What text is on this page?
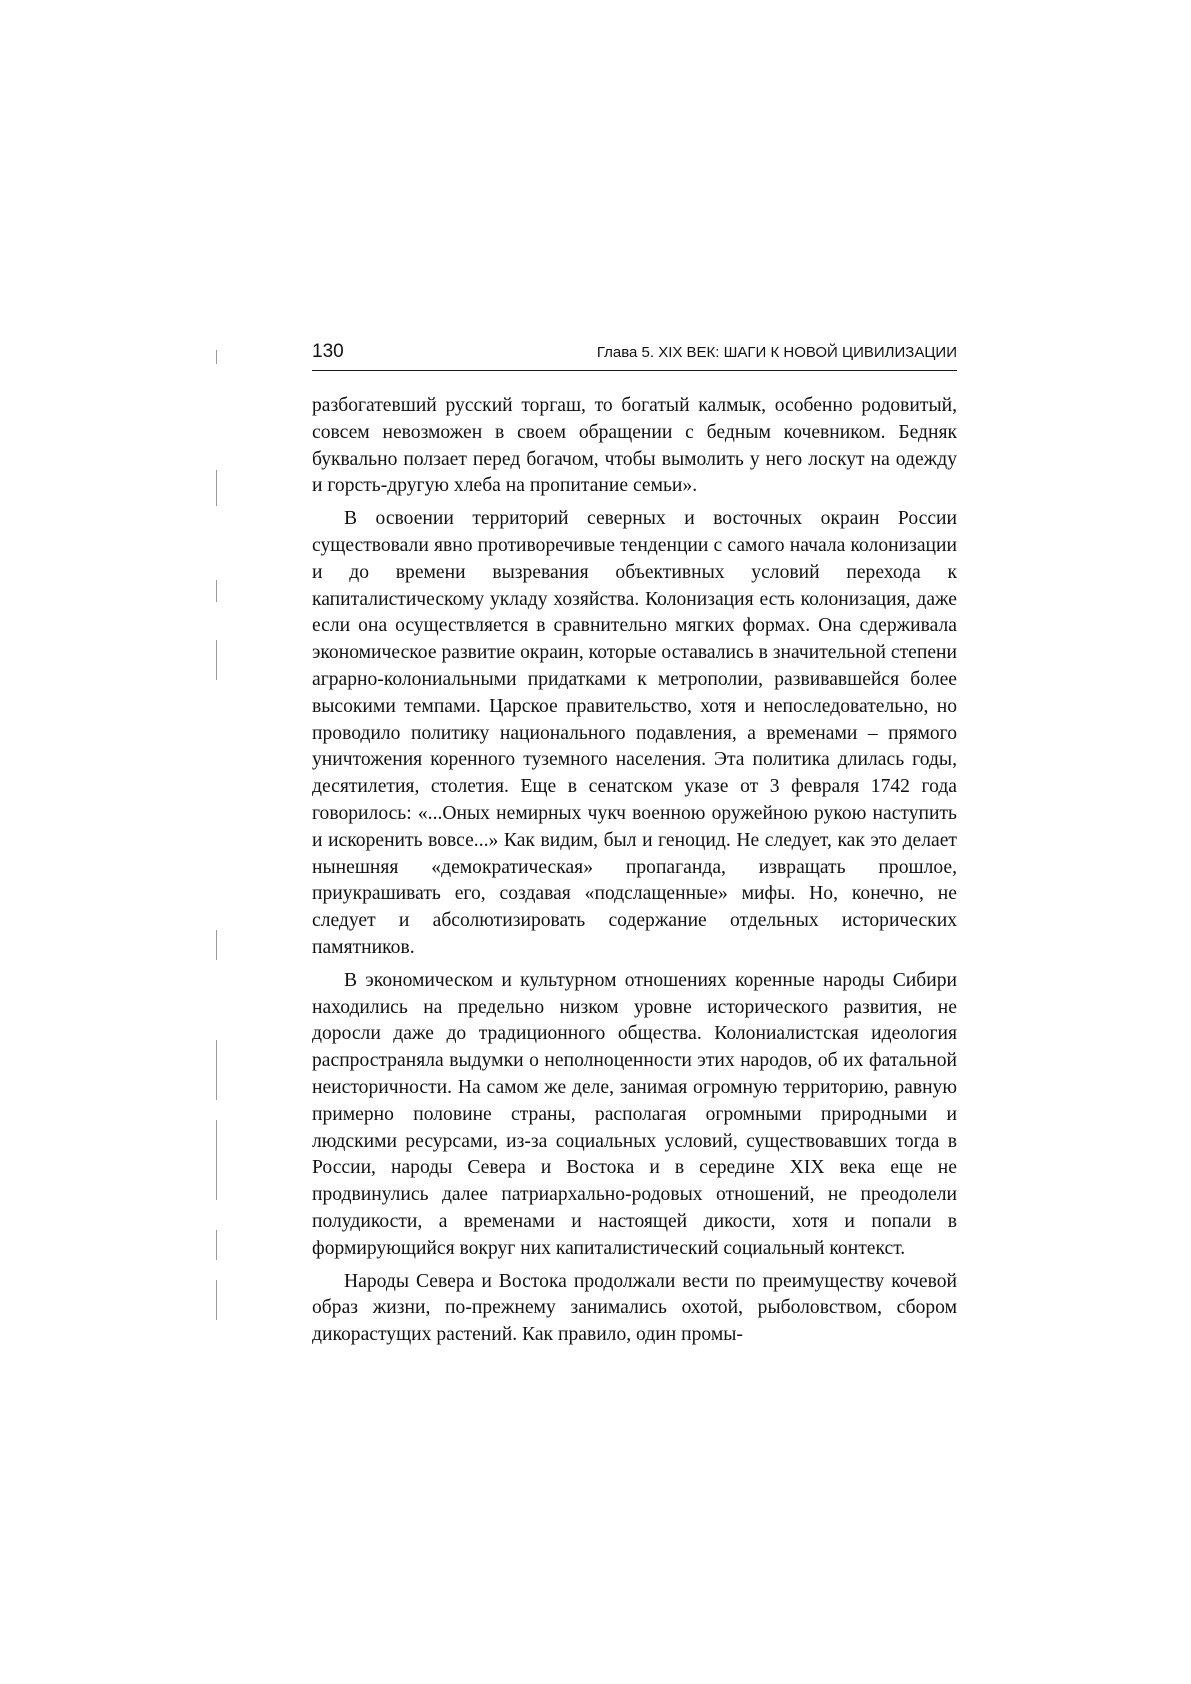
130	Глава 5. XIX ВЕК: ШАГИ К НОВОЙ ЦИВИЛИЗАЦИИ

разбогатевший русский торгаш, то богатый калмык, особенно родовитый, совсем невозможен в своем обращении с бедным кочевником. Бедняк буквально ползает перед богачом, чтобы вымолить у него лоскут на одежду и горсть-другую хлеба на пропитание семьи».

В освоении территорий северных и восточных окраин России существовали явно противоречивые тенденции с самого начала колонизации и до времени вызревания объективных условий перехода к капиталистическому укладу хозяйства. Колонизация есть колонизация, даже если она осуществляется в сравнительно мягких формах. Она сдерживала экономическое развитие окраин, которые оставались в значительной степени аграрно-колониальными придатками к метрополии, развивавшейся более высокими темпами. Царское правительство, хотя и непоследовательно, но проводило политику национального подавления, а временами – прямого уничтожения коренного туземного населения. Эта политика длилась годы, десятилетия, столетия. Еще в сенатском указе от 3 февраля 1742 года говорилось: «...Оных немирных чукч военною оружейною рукою наступить и искоренить вовсе...» Как видим, был и геноцид. Не следует, как это делает нынешняя «демократическая» пропаганда, извращать прошлое, приукрашивать его, создавая «подслащенные» мифы. Но, конечно, не следует и абсолютизировать содержание отдельных исторических памятников.

В экономическом и культурном отношениях коренные народы Сибири находились на предельно низком уровне исторического развития, не доросли даже до традиционного общества. Колониалистская идеология распространяла выдумки о неполноценности этих народов, об их фатальной неисторичности. На самом же деле, занимая огромную территорию, равную примерно половине страны, располагая огромными природными и людскими ресурсами, из-за социальных условий, существовавших тогда в России, народы Севера и Востока и в середине XIX века еще не продвинулись далее патриархально-родовых отношений, не преодолели полудикости, а временами и настоящей дикости, хотя и попали в формирующийся вокруг них капиталистический социальный контекст.

Народы Севера и Востока продолжали вести по преимуществу кочевой образ жизни, по-прежнему занимались охотой, рыболовством, сбором дикорастущих растений. Как правило, один промы-
